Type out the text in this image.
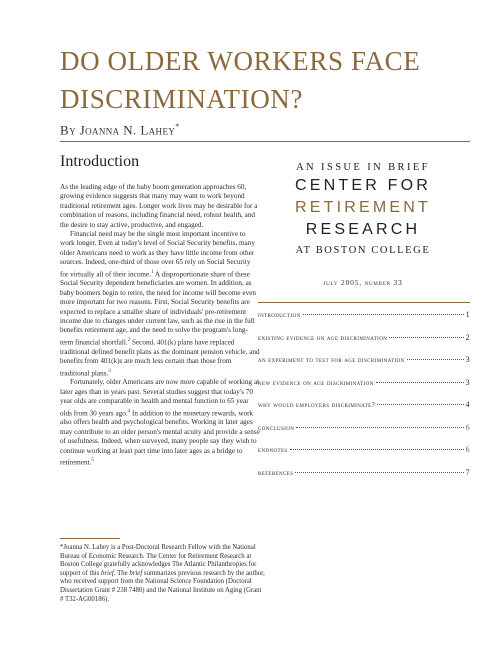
DO OLDER WORKERS FACE
DISCRIMINATION?
By Joanna N. Lahey*
Introduction

As the leading edge of the baby boom generation approaches 60, growing evidence suggests that many may want to work beyond traditional retirement ages. Longer work lives may be desirable for a combination of reasons, including financial need, robust health, and the desire to stay active, productive, and engaged.

Financial need may be the single most important incentive to work longer. Even at today's level of Social Security benefits, many older Americans need to work as they have little income from other sources. Indeed, one-third of those over 65 rely on Social Security for virtually all of their income.$^1$ A disproportionate share of these Social Security dependent beneficiaries are women. In addition, as baby boomers begin to retire, the need for income will become even more important for two reasons. First, Social Security benefits are expected to replace a smaller share of individuals' pre-retirement income due to changes under current law, such as the rise in the full benefits retirement age, and the need to solve the program's long-term financial shortfall.$^2$ Second, 401(k) plans have replaced traditional defined benefit plans as the dominant pension vehicle, and benefits from 401(k)s are much less certain than those from traditional plans.$^3$

Fortunately, older Americans are now more capable of working at later ages than in years past. Several studies suggest that today's 70 year olds are comparable in health and mental function to 65 year olds from 30 years ago.$^4$ In addition to the monetary rewards, work also offers health and psychological benefits. Working in later ages may contribute to an older person's mental acuity and provide a sense of usefulness. Indeed, when surveyed, many people say they wish to continue working at least part time into later ages as a bridge to retirement.$^5$

*Joanna N. Lahey is a Post-Doctoral Research Fellow with the National Bureau of Economic Research. The Center for Retirement Research at Boston College gratefully acknowledges The Atlantic Philanthropies for support of this brief. The brief summarizes previous research by the author, who received support from the National Science Foundation (Doctoral Dissertation Grant # 238 7480) and the National Institute on Aging (Grant # T32-AG00186).
AN ISSUE IN BRIEF
CENTER FOR
RETIREMENT
RESEARCH
AT BOSTON COLLEGE
july 2005, number 33
introduction	1
existing evidence on age discrimination	2
an experiment to test for age discrimination	3
new evidence on age discrimination	3
why would employers discriminate?	4
conclusion	6
endnotes	6
references	7
